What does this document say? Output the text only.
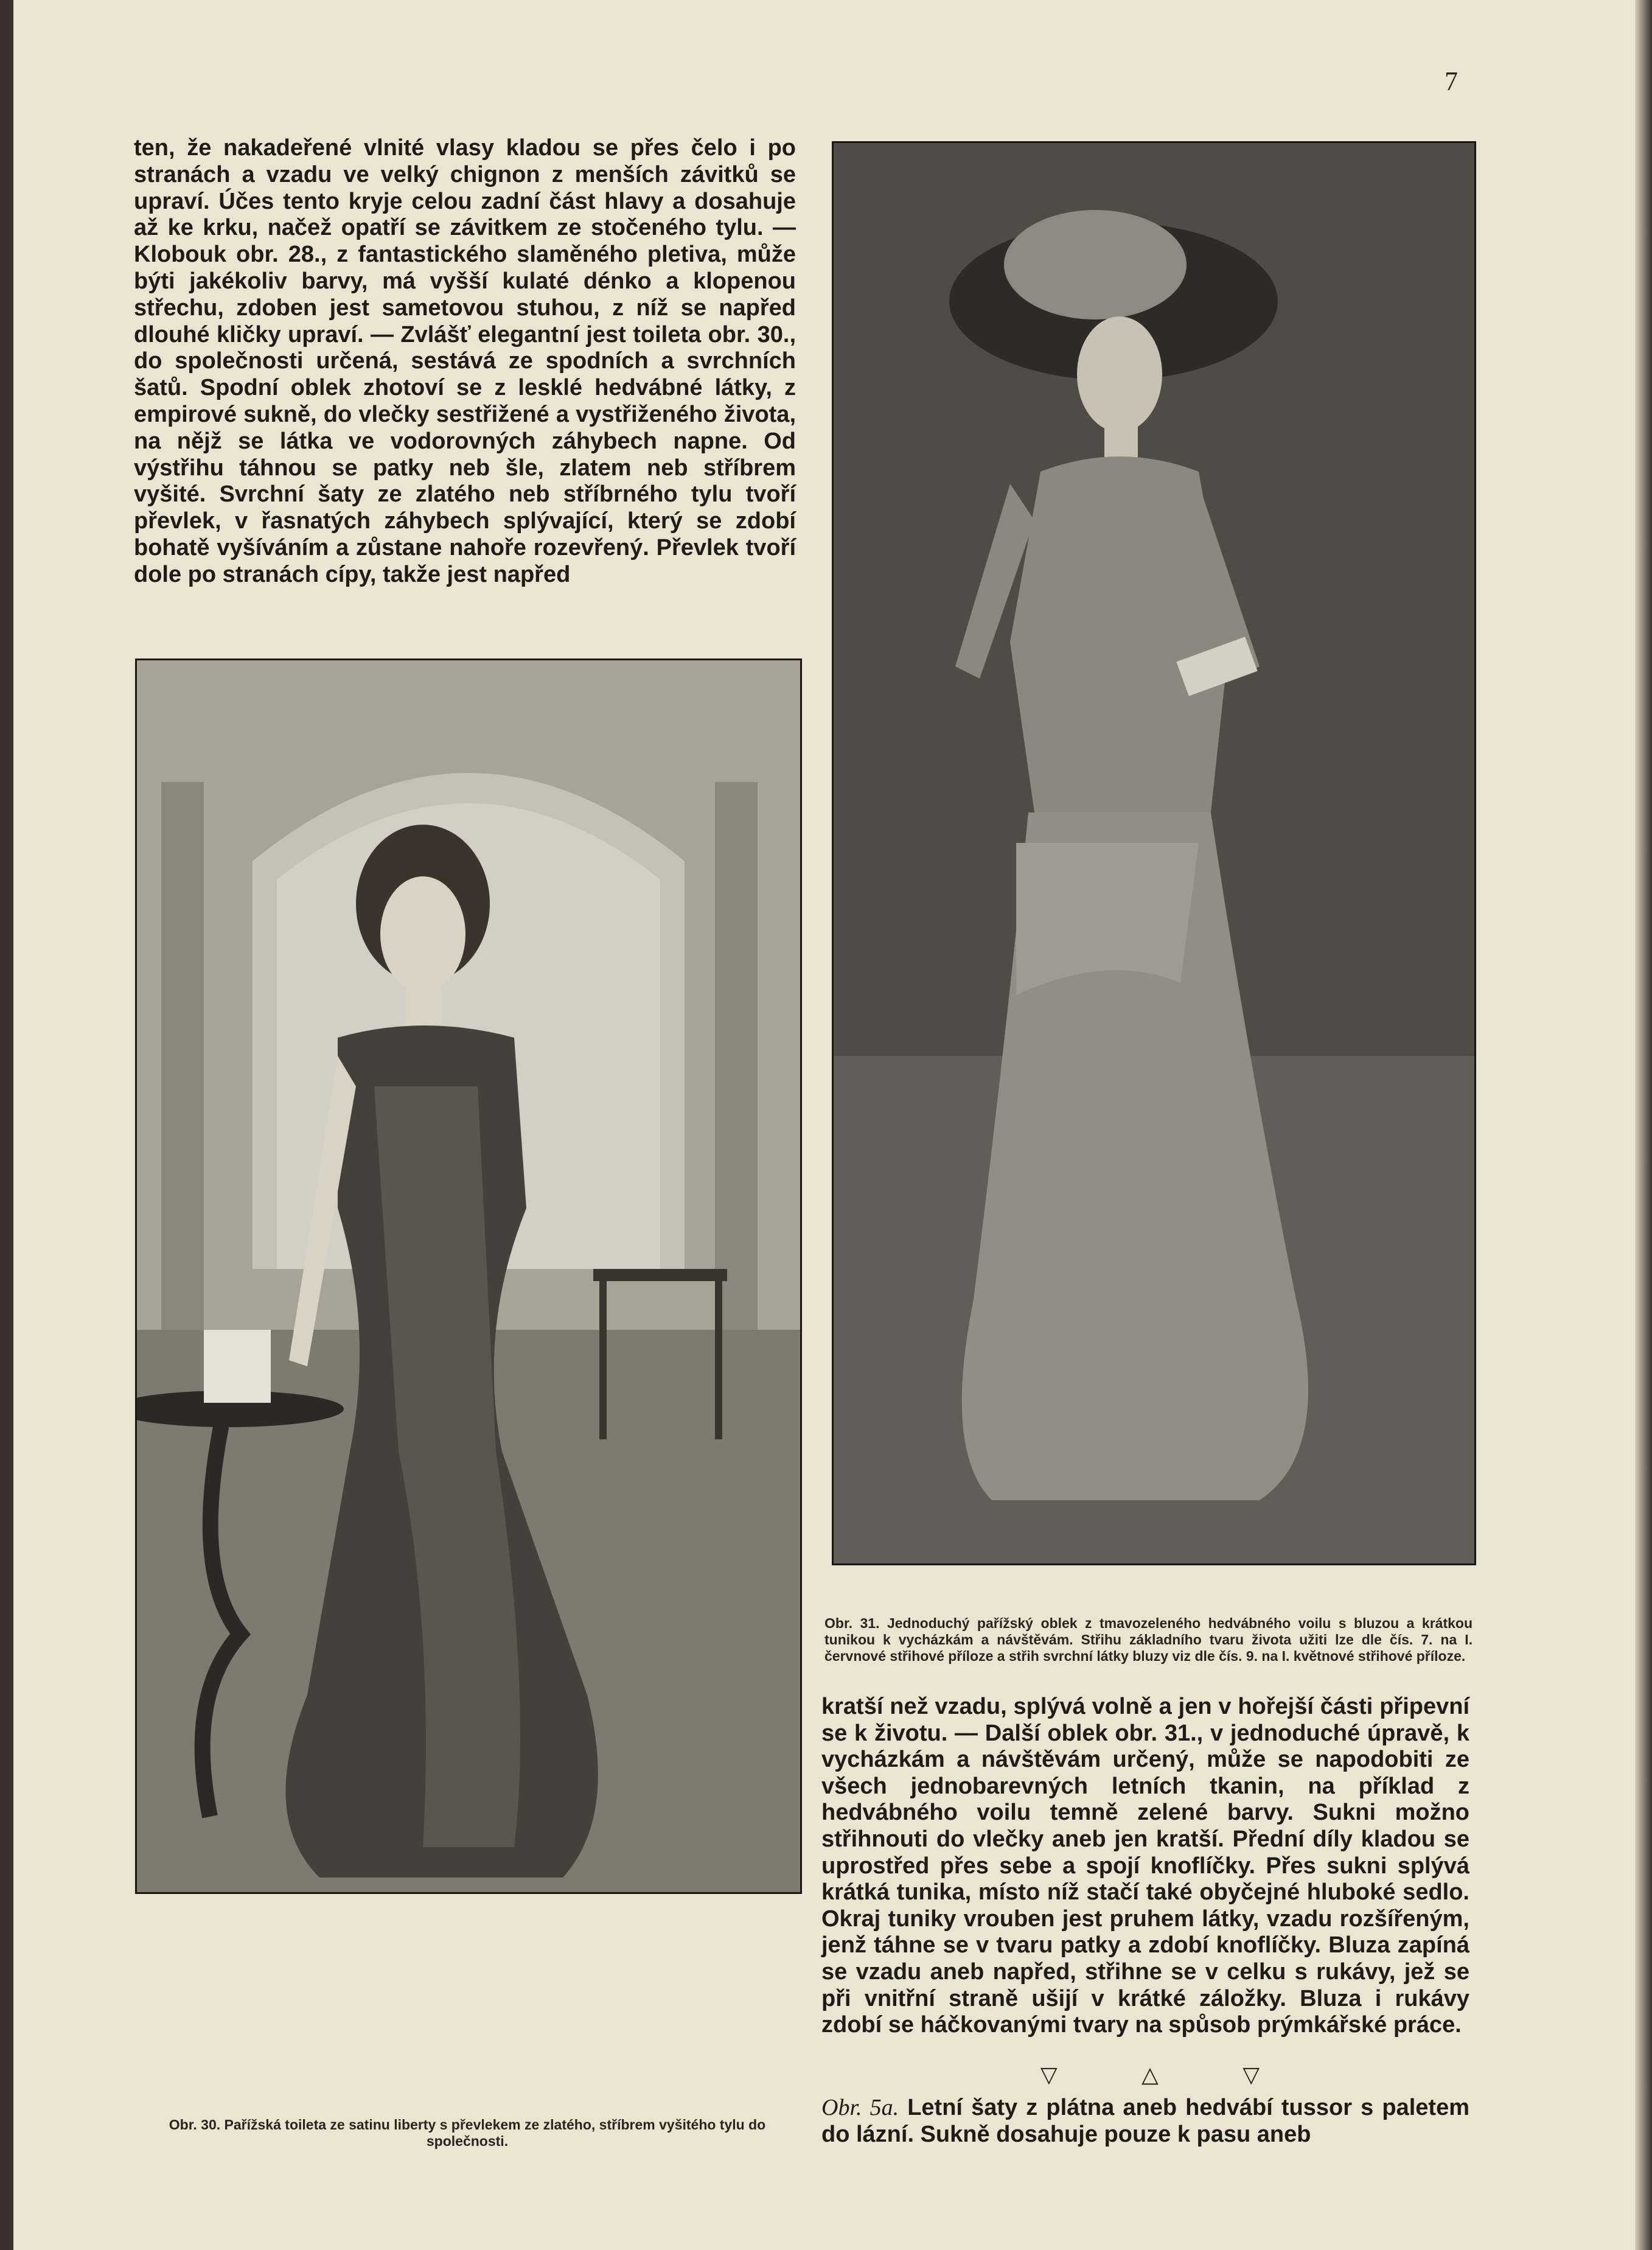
7

ten, že nakadeřené vlnité vlasy kladou se přes čelo i po stranách a vzadu ve velký chignon z menších závitků se upraví. Účes tento kryje celou zadní část hlavy a dosahuje až ke krku, načež opatří se závitkem ze stočeného tylu. — Klobouk obr. 28., z fantastického slaměného pletiva, může býti jakékoliv barvy, má vyšší kulaté dénko a klopenou střechu, zdoben jest sametovou stuhou, z níž se napřed dlouhé kličky upraví. — Zvlášť elegantní jest toileta obr. 30., do společnosti určená, sestává ze spodních a svrchních šatů. Spodní oblek zhotoví se z lesklé hedvábné látky, z empirové sukně, do vlečky sestřižené a vystřiženého života, na nějž se látka ve vodorovných záhybech napne. Od výstřihu táhnou se patky neb šle, zlatem neb stříbrem vyšité. Svrchní šaty ze zlatého neb stříbrného tylu tvoří převlek, v řasnatých záhybech splývající, který se zdobí bohatě vyšíváním a zůstane nahoře rozevřený. Převlek tvoří dole po stranách cípy, takže jest napřed

Obr. 30. Pařížská toileta ze satinu liberty s převlekem ze zlatého, stříbrem vyšitého tylu do společnosti.
Obr. 31. Jednoduchý pařížský oblek z tmavozeleného hedvábného voilu s bluzou a krátkou tunikou k vycházkám a návštěvám. Střihu základního tvaru života užiti lze dle čís. 7. na I. červnové střihové příloze a střih svrchní látky bluzy viz dle čís. 9. na I. květnové střihové příloze.

kratší než vzadu, splývá volně a jen v hořejší části připevní se k životu. — Další oblek obr. 31., v jednoduché úpravě, k vycházkám a návštěvám určený, může se napodobiti ze všech jednobarevných letních tkanin, na příklad z hedvábného voilu temně zelené barvy. Sukni možno střihnouti do vlečky aneb jen kratší. Přední díly kladou se uprostřed přes sebe a spojí knoflíčky. Přes sukni splývá krátká tunika, místo níž stačí také obyčejné hluboké sedlo. Okraj tuniky vrouben jest pruhem látky, vzadu rozšířeným, jenž táhne se v tvaru patky a zdobí knoflíčky. Bluza zapíná se vzadu aneb napřed, střihne se v celku s rukávy, jež se při vnitřní straně ušijí v krátké záložky. Bluza i rukávy zdobí se háčkovanými tvary na spůsob prýmkářské práce.

▽	△	▽

Obr. 5a. Letní šaty z plátna aneb hedvábí tussor s paletem do lázní. Sukně dosahuje pouze k pasu aneb
